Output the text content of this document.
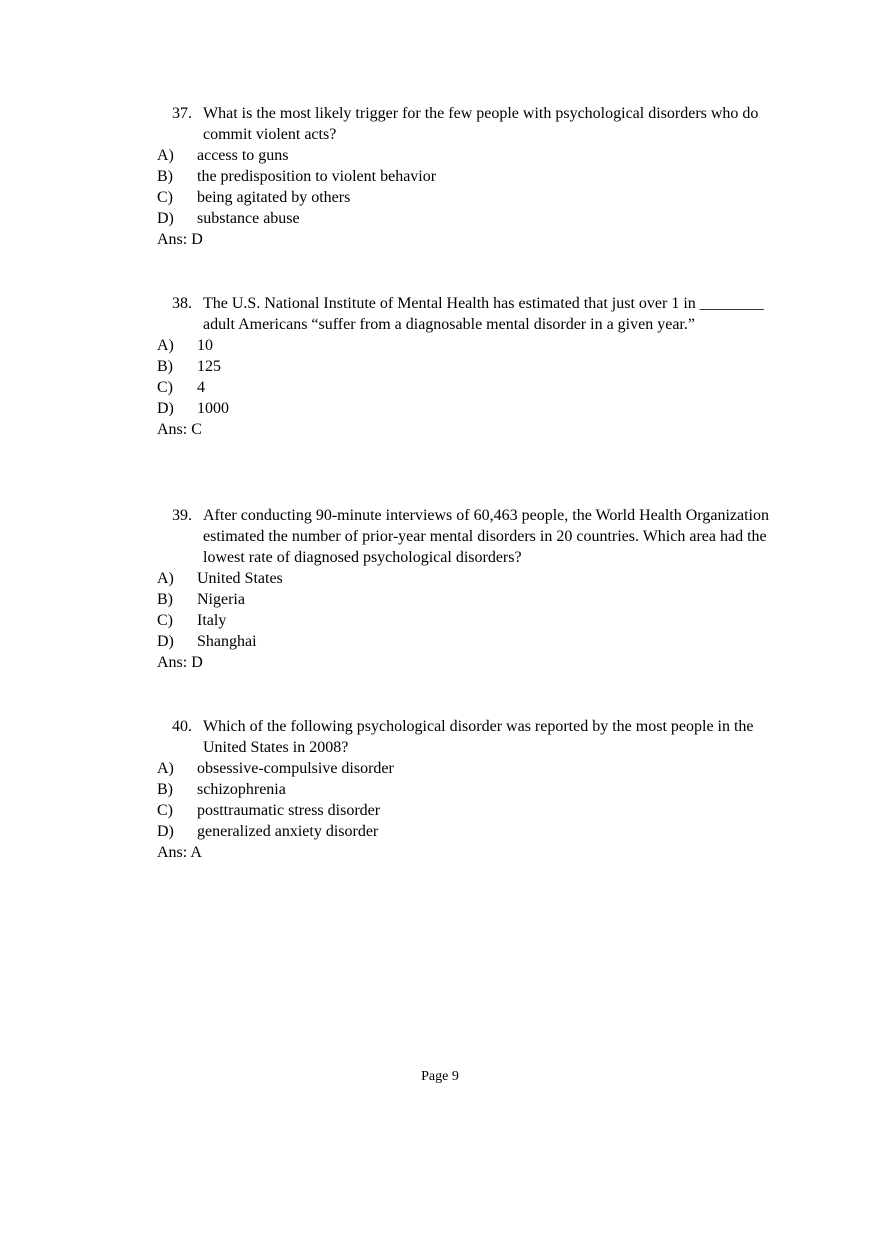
37. What is the most likely trigger for the few people with psychological disorders who do commit violent acts?
A)	access to guns
B)	the predisposition to violent behavior
C)	being agitated by others
D)	substance abuse
Ans: D
38. The U.S. National Institute of Mental Health has estimated that just over 1 in ________ adult Americans “suffer from a diagnosable mental disorder in a given year.”
A)	10
B)	125
C)	4
D)	1000
Ans: C
39. After conducting 90-minute interviews of 60,463 people, the World Health Organization estimated the number of prior-year mental disorders in 20 countries. Which area had the lowest rate of diagnosed psychological disorders?
A)	United States
B)	Nigeria
C)	Italy
D)	Shanghai
Ans: D
40. Which of the following psychological disorder was reported by the most people in the United States in 2008?
A)	obsessive-compulsive disorder
B)	schizophrenia
C)	posttraumatic stress disorder
D)	generalized anxiety disorder
Ans: A
Page 9
